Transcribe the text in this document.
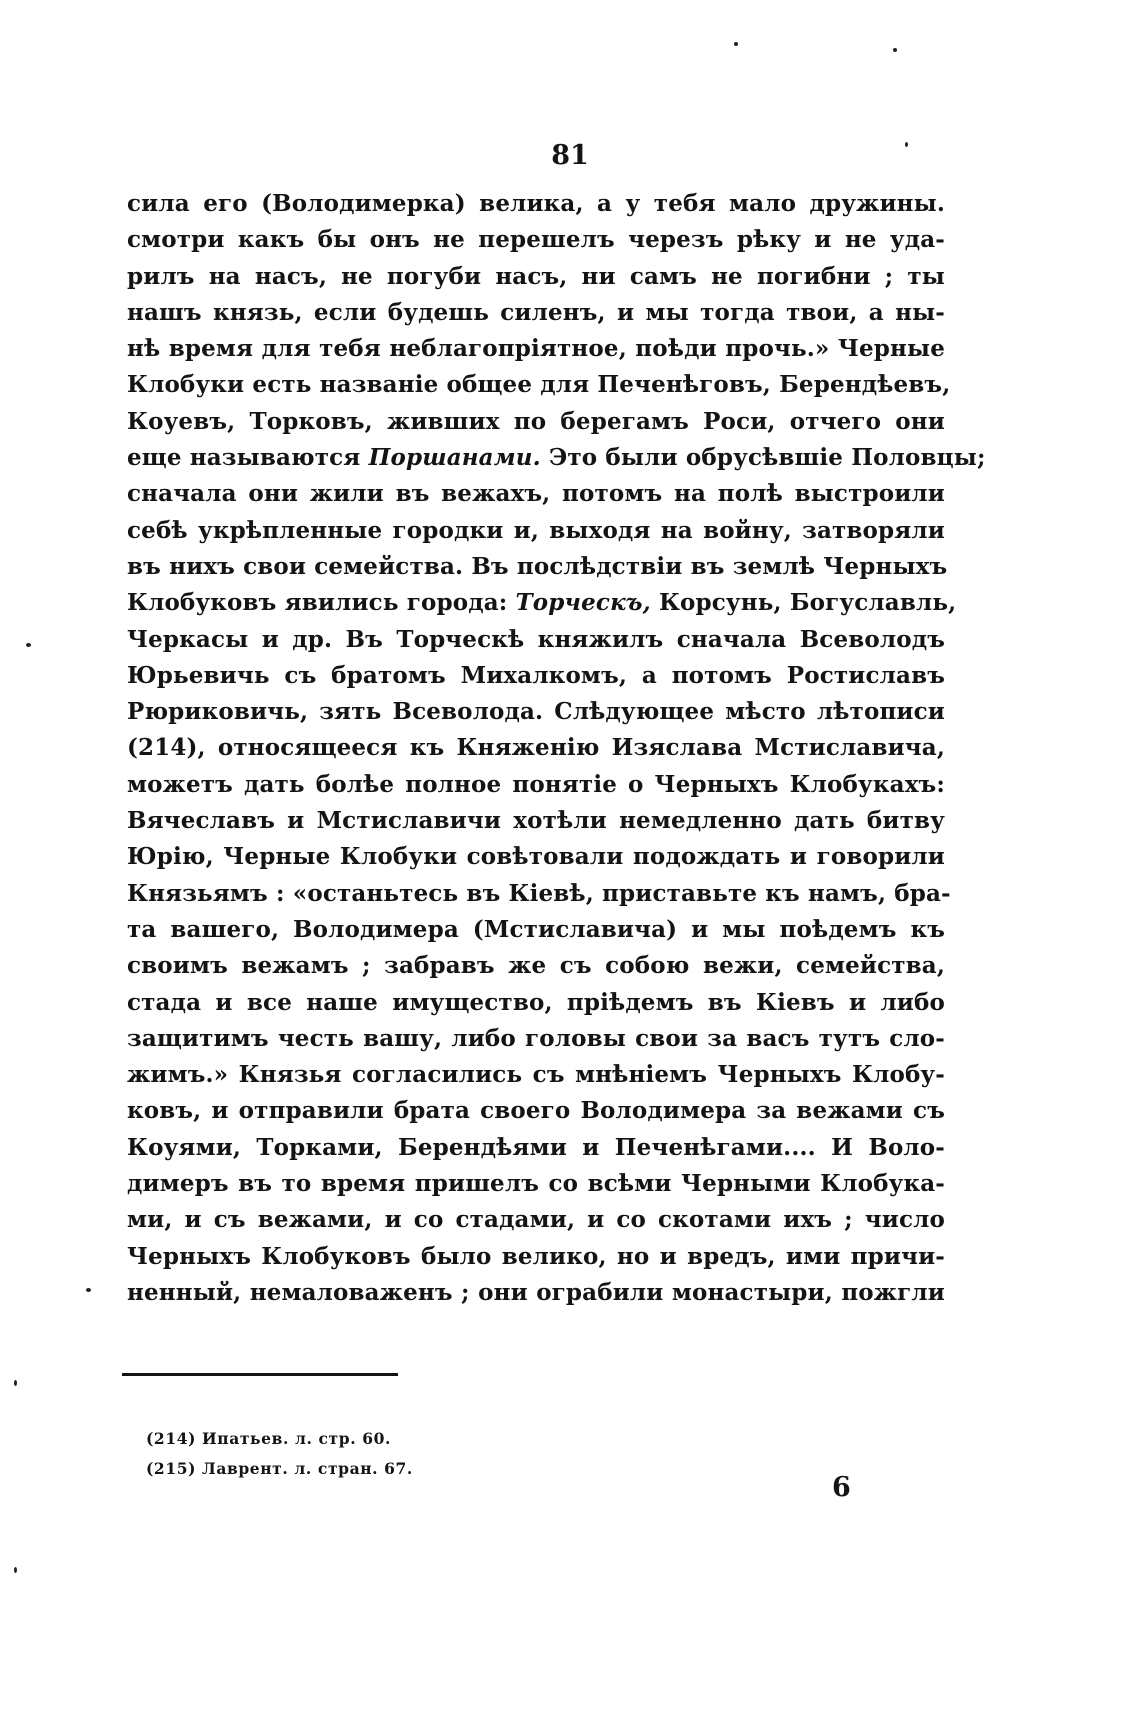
81
сила его (Володимерка) велика, а у тебя мало дружины.
смотри какъ бы онъ не перешелъ черезъ рѣку и не уда-
рилъ на насъ, не погуби насъ, ни самъ не погибни ; ты
нашъ князь, если будешь силенъ, и мы тогда твои, а ны-
нѣ время для тебя неблагопріятное, поѣди прочь.» Черные
Клобуки есть названіе общее для Печенѣговъ, Берендѣевъ,
Коуевъ, Торковъ, живших по берегамъ Роси, отчего они
еще называются Поршанами. Это были обрусѣвшіе Половцы;
сначала они жили въ вежахъ, потомъ на полѣ выстроили
себѣ укрѣпленные городки и, выходя на войну, затворяли
въ нихъ свои семейства. Въ послѣдствіи въ землѣ Черныхъ
Клобуковъ явились города: Торческъ, Корсунь, Богуславль,
Черкасы и др. Въ Торческѣ княжилъ сначала Всеволодъ
Юрьевичь съ братомъ Михалкомъ, а потомъ Ростиславъ
Рюриковичь, зять Всеволода. Слѣдующее мѣсто лѣтописи
(214), относящееся къ Княженію Изяслава Мстиславича,
можетъ дать болѣе полное понятіе о Черныхъ Клобукахъ:
Вячеславъ и Мстиславичи хотѣли немедленно дать битву
Юрію, Черные Клобуки совѣтовали подождать и говорили
Князьямъ : «останьтесь въ Кіевѣ, приставьте къ намъ, бра-
та вашего, Володимера (Мстиславича) и мы поѣдемъ къ
своимъ вежамъ ; забравъ же съ собою вежи, семейства,
стада и все наше имущество, пріѣдемъ въ Кіевъ и либо
защитимъ честь вашу, либо головы свои за васъ тутъ сло-
жимъ.» Князья согласились съ мнѣніемъ Черныхъ Клобу-
ковъ, и отправили брата своего Володимера за вежами съ
Коуями, Торками, Берендѣями и Печенѣгами.... И Воло-
димеръ въ то время пришелъ со всѣми Черными Клобука-
ми, и съ вежами, и со стадами, и со скотами ихъ ; число
Черныхъ Клобуковъ было велико, но и вредъ, ими причи-
ненный, немаловаженъ ; они ограбили монастыри, пожгли
(214) Ипатьев. л. стр. 60.
(215) Лаврент. л. стран. 67.
6
